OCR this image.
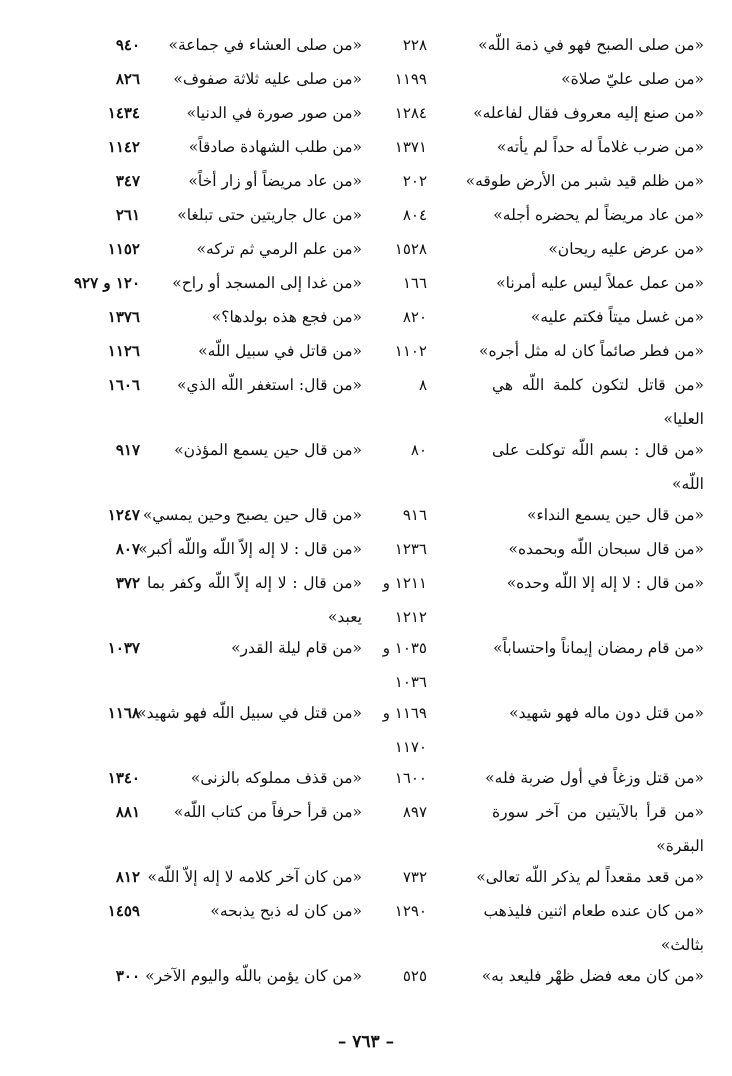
«من صلى الصبح فهو في ذمة اللّه»
٢٢٨
«من صلى العشاء في جماعة»
٩٤٠
«من صلى عليّ صلاة»
١١٩٩
«من صلى عليه ثلاثة صفوف»
٨٢٦
«من صنع إليه معروف فقال لفاعله»
١٢٨٤
«من صور صورة في الدنيا»
١٤٣٤
«من ضرب غلاماً له حداً لم يأته»
١٣٧١
«من طلب الشهادة صادقاً»
١١٤٢
«من ظلم قيد شبر من الأرض طوقه»
٢٠٢
«من عاد مريضاً أو زار أخاً»
٣٤٧
«من عاد مريضاً لم يحضره أجله»
٨٠٤
«من عال جاريتين حتى تبلغا»
٢٦١
«من عرض عليه ريحان»
١٥٢٨
«من علم الرمي ثم تركه»
١١٥٢
«من عمل عملاً ليس عليه أمرنا»
١٦٦
«من غدا إلى المسجد أو راح»
١٢٠ و ٩٢٧
«من غسل ميتاً فكتم عليه»
٨٢٠
«من فجع هذه بولدها؟»
١٣٧٦
«من فطر صائماً كان له مثل أجره»
١١٠٢
«من قاتل في سبيل اللّه»
١١٢٦
«من قاتل لتكون كلمة اللّه هي
٨
«من قال: استغفر اللّه الذي»
١٦٠٦
العليا»
«من قال : بسم اللّه توكلت على
٨٠
«من قال حين يسمع المؤذن»
٩١٧
اللّه»
«من قال حين يسمع النداء»
٩١٦
«من قال حين يصبح وحين يمسي»
١٢٤٧
«من قال سبحان اللّه وبحمده»
١٢٣٦
«من قال : لا إله إلاّ اللّه واللّه أكبر»
٨٠٧
«من قال : لا إله إلا اللّه وحده»
١٢١١ و
«من قال : لا إله إلاّ اللّه وكفر بما
٣٧٢
١٢١٢
يعبد»
«من قام رمضان إيماناً واحتساباً»
١٠٣٥ و
«من قام ليلة القدر»
١٠٣٧
١٠٣٦
«من قتل دون ماله فهو شهيد»
١١٦٩ و
«من قتل في سبيل اللّه فهو شهيد»
١١٦٨
١١٧٠
«من قتل وزغاً في أول ضربة فله»
١٦٠٠
«من قذف مملوكه بالزنى»
١٣٤٠
«من قرأ بالآيتين من آخر سورة
٨٩٧
«من قرأ حرفاً من كتاب اللّه»
٨٨١
البقرة»
«من قعد مقعداً لم يذكر اللّه تعالى»
٧٣٢
«من كان آخر كلامه لا إله إلاّ اللّه»
٨١٢
«من كان عنده طعام اثنين فليذهب
١٢٩٠
«من كان له ذبح يذبحه»
١٤٥٩
بثالث»
«من كان معه فضل ظهْر فليعد به»
٥٢٥
«من كان يؤمن باللّه واليوم الآخر»
٣٠٠
– ٧٦٣ –
